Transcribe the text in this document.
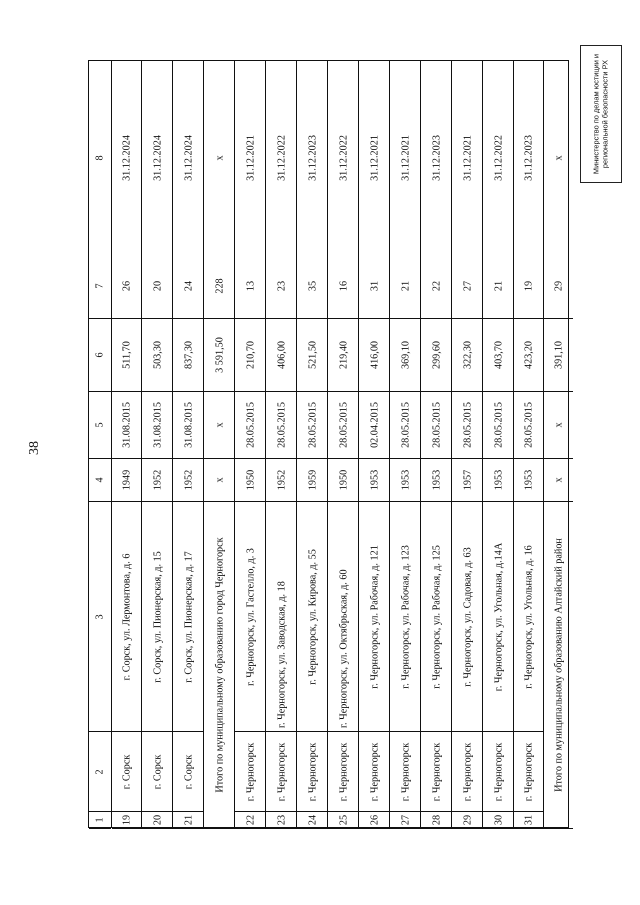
38
Министерство по делам юстиции и региональной безопасности РХ
1
2
3
4
5
6
7
8
19
г. Сорск
г. Сорск, ул. Лермонтова, д. 6
1949
31.08.2015
511,70
26
31.12.2024
20
г. Сорск
г. Сорск, ул. Пионерская, д. 15
1952
31.08.2015
503,30
20
31.12.2024
21
г. Сорск
г. Сорск, ул. Пионерская, д. 17
1952
31.08.2015
837,30
24
31.12.2024
Итого по муниципальному образованию город Черногорск
х
х
3 591,50
228
х
22
г. Черногорск
г. Черногорск, ул. Гастелло, д. 3
1950
28.05.2015
210,70
13
31.12.2021
23
г. Черногорск
г. Черногорск, ул. Заводская, д. 18
1952
28.05.2015
406,00
23
31.12.2022
24
г. Черногорск
г. Черногорск, ул. Кирова, д. 55
1959
28.05.2015
521,50
35
31.12.2023
25
г. Черногорск
г. Черногорск, ул. Октябрьская, д. 60
1950
28.05.2015
219,40
16
31.12.2022
26
г. Черногорск
г. Черногорск, ул. Рабочая, д. 121
1953
02.04.2015
416,00
31
31.12.2021
27
г. Черногорск
г. Черногорск, ул. Рабочая, д. 123
1953
28.05.2015
369,10
21
31.12.2021
28
г. Черногорск
г. Черногорск, ул. Рабочая, д. 125
1953
28.05.2015
299,60
22
31.12.2023
29
г. Черногорск
г. Черногорск, ул. Садовая, д. 63
1957
28.05.2015
322,30
27
31.12.2021
30
г. Черногорск
г. Черногорск, ул. Угольная, д.14А
1953
28.05.2015
403,70
21
31.12.2022
31
г. Черногорск
г. Черногорск, ул. Угольная, д. 16
1953
28.05.2015
423,20
19
31.12.2023
Итого по муниципальному образованию Алтайский район
х
х
391,10
29
х
